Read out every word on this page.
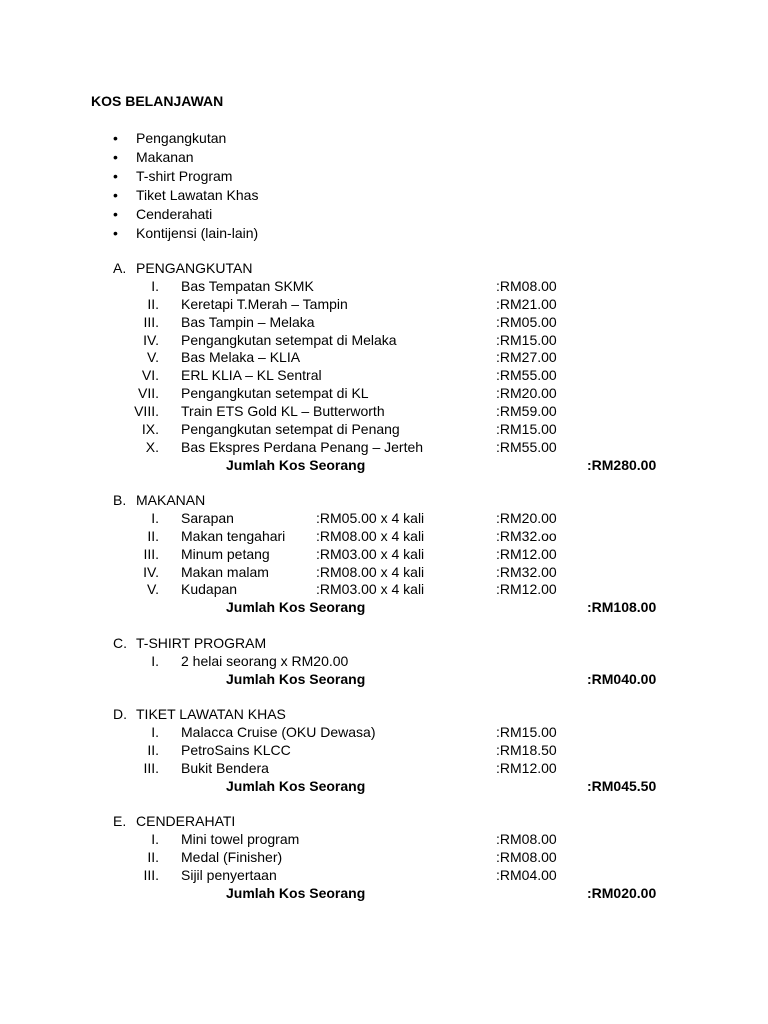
KOS BELANJAWAN
• Pengangkutan
• Makanan
• T-shirt Program
• Tiket Lawatan Khas
• Cenderahati
• Kontijensi (lain-lain)
A. PENGANGKUTAN
I. Bas Tempatan SKMK	:RM08.00
II. Keretapi T.Merah – Tampin	:RM21.00
III. Bas Tampin – Melaka	:RM05.00
IV. Pengangkutan setempat di Melaka	:RM15.00
V. Bas Melaka – KLIA	:RM27.00
VI. ERL KLIA – KL Sentral	:RM55.00
VII. Pengangkutan setempat di KL	:RM20.00
VIII. Train ETS Gold KL – Butterworth	:RM59.00
IX. Pengangkutan setempat di Penang	:RM15.00
X. Bas Ekspres Perdana Penang – Jerteh	:RM55.00
Jumlah Kos Seorang	:RM280.00
B. MAKANAN
I. Sarapan	:RM05.00 x 4 kali	:RM20.00
II. Makan tengahari :RM08.00 x 4 kali	:RM32.oo
III. Minum petang	:RM03.00 x 4 kali	:RM12.00
IV. Makan malam	:RM08.00 x 4 kali	:RM32.00
V. Kudapan	:RM03.00 x 4 kali	:RM12.00
Jumlah Kos Seorang	:RM108.00
C. T-SHIRT PROGRAM
I. 2 helai seorang x RM20.00
Jumlah Kos Seorang	:RM040.00
D. TIKET LAWATAN KHAS
I. Malacca Cruise (OKU Dewasa)	:RM15.00
II. PetroSains KLCC	:RM18.50
III. Bukit Bendera	:RM12.00
Jumlah Kos Seorang	:RM045.50
E. CENDERAHATI
I. Mini towel program	:RM08.00
II. Medal (Finisher)	:RM08.00
III. Sijil penyertaan	:RM04.00
Jumlah Kos Seorang	:RM020.00
